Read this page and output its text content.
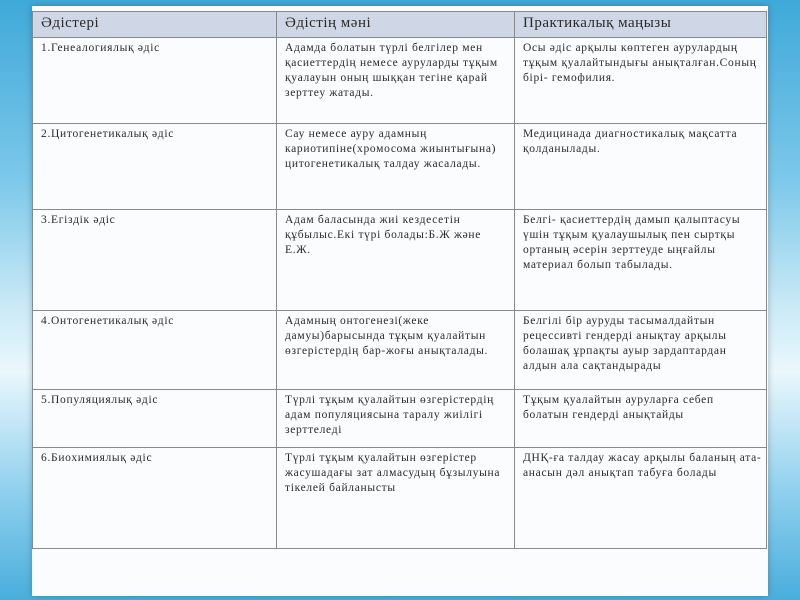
Әдістері	Әдістің мәні	Практикалық маңызы
1.Генеалогиялық әдіс	Адамда болатын түрлі белгілер мен қасиеттердің немесе ауруларды тұқым қуалауын оның шыққан тегіне қарай зерттеу жатады.	Осы әдіс арқылы көптеген аурулардың тұқым қуалайтындығы анықталған.Соның бірі- гемофилия.
2.Цитогенетикалық әдіс	Сау немесе ауру адамның кариотипіне(хромосома жиынтығына) цитогенетикалық талдау жасалады.	Медицинада диагностикалық мақсатта қолданылады.
3.Егіздік әдіс	Адам баласында жиі кездесетін құбылыс.Екі түрі болады:Б.Ж және Е.Ж.	Белгі- қасиеттердің дамып қалыптасуы үшін тұқым қуалаушылық пен сыртқы ортаның әсерін зерттеуде ыңғайлы материал болып табылады.
4.Онтогенетикалық әдіс	Адамның онтогенезі(жеке дамуы)барысында тұқым қуалайтын өзгерістердің бар-жоғы анықталады.	Белгілі бір ауруды тасымалдайтын рецессивті гендерді анықтау арқылы болашақ ұрпақты ауыр зардаптардан алдын ала сақтандырады
5.Популяциялық әдіс	Түрлі тұқым қуалайтын өзгерістердің адам популяциясына таралу жиілігі зерттеледі	Тұқым қуалайтын ауруларға себеп болатын гендерді анықтайды
6.Биохимиялық әдіс	Түрлі тұқым қуалайтын өзгерістер жасушадағы зат алмасудың бұзылуына тікелей байланысты	ДНҚ-ға талдау жасау арқылы баланың ата-анасын дәл анықтап табуға болады
